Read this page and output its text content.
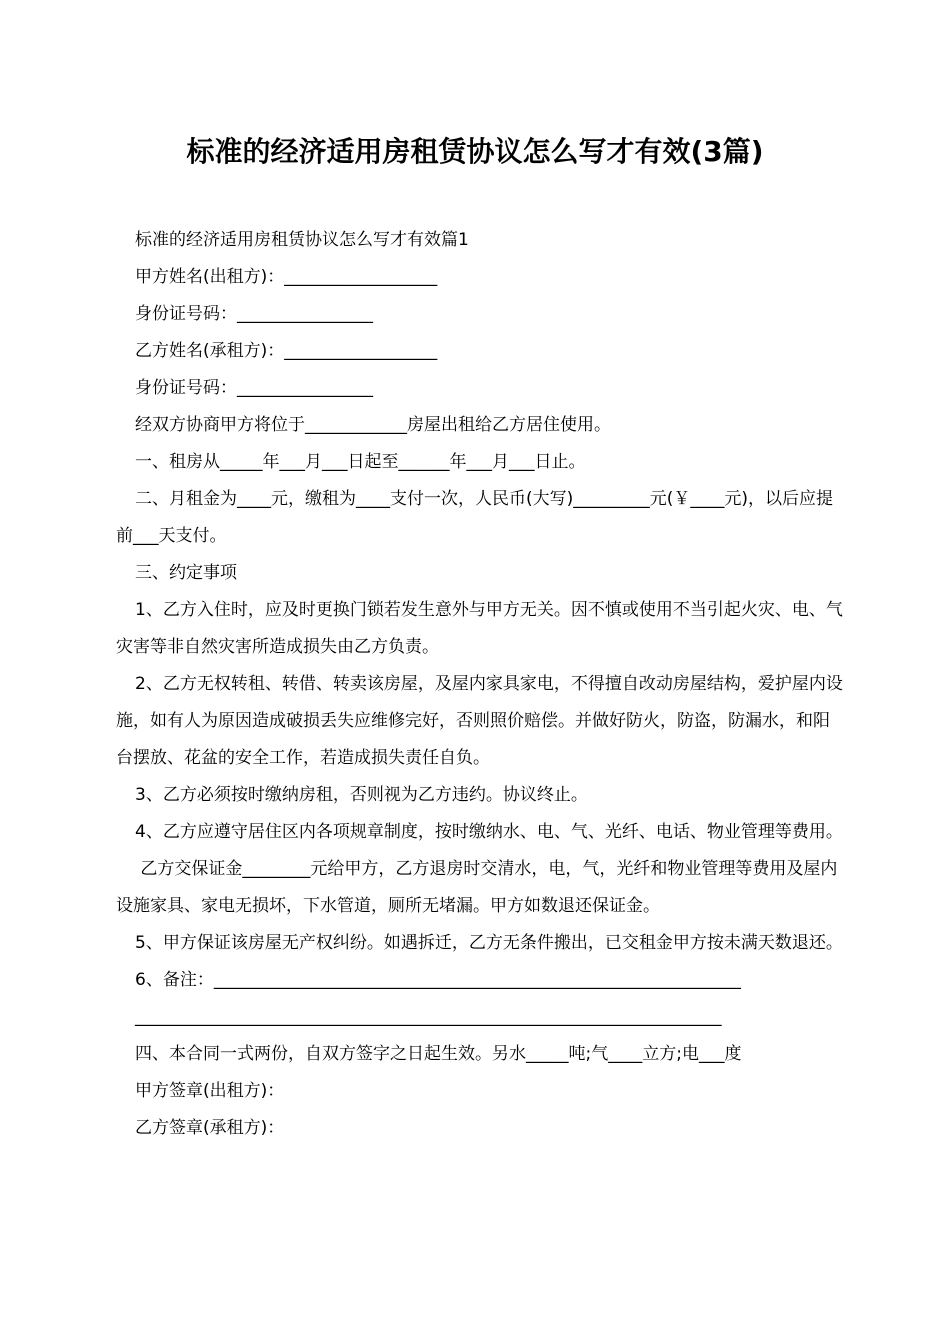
标准的经济适用房租赁协议怎么写才有效(3篇)

标准的经济适用房租赁协议怎么写才有效篇1

甲方姓名(出租方)：__________________

身份证号码：________________

乙方姓名(承租方)：__________________

身份证号码：________________

经双方协商甲方将位于____________房屋出租给乙方居住使用。

一、租房从_____年___月___日起至______年___月___日止。

二、月租金为____元，缴租为____支付一次，人民币(大写)_________元(￥____元)，以后应提前___天支付。

三、约定事项

1、乙方入住时，应及时更换门锁若发生意外与甲方无关。因不慎或使用不当引起火灾、电、气灾害等非自然灾害所造成损失由乙方负责。

2、乙方无权转租、转借、转卖该房屋，及屋内家具家电，不得擅自改动房屋结构，爱护屋内设施，如有人为原因造成破损丢失应维修完好，否则照价赔偿。并做好防火，防盗，防漏水，和阳台摆放、花盆的安全工作，若造成损失责任自负。

3、乙方必须按时缴纳房租，否则视为乙方违约。协议终止。

4、乙方应遵守居住区内各项规章制度，按时缴纳水、电、气、光纤、电话、物业管理等费用。

乙方交保证金________元给甲方，乙方退房时交清水，电，气，光纤和物业管理等费用及屋内设施家具、家电无损坏，下水管道，厕所无堵漏。甲方如数退还保证金。

5、甲方保证该房屋无产权纠纷。如遇拆迁，乙方无条件搬出，已交租金甲方按未满天数退还。

6、备注：______________________________________________________________

_____________________________________________________________________

四、本合同一式两份，自双方签字之日起生效。另水_____吨;气____立方;电___度

甲方签章(出租方)：

乙方签章(承租方)：
